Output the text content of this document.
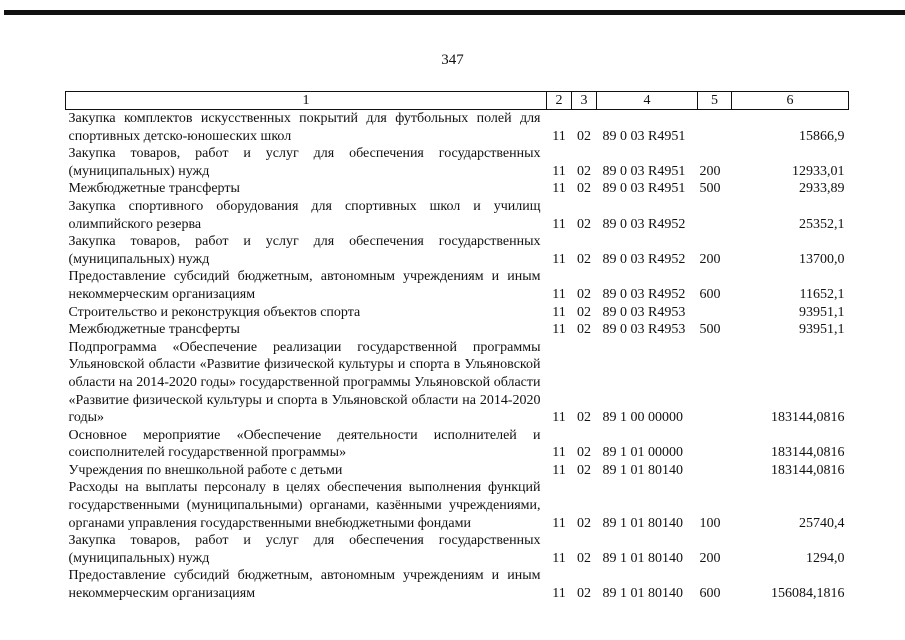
347
1	2	3	4	5	6
Закупка комплектов искусственных покрытий для футбольных полей для спортивных детско-юношеских школ	11	02	89 0 03 R4951		15866,9
Закупка товаров, работ и услуг для обеспечения государственных (муниципальных) нужд	11	02	89 0 03 R4951	200	12933,01
Межбюджетные трансферты	11	02	89 0 03 R4951	500	2933,89
Закупка спортивного оборудования для спортивных школ и училищ олимпийского резерва	11	02	89 0 03 R4952		25352,1
Закупка товаров, работ и услуг для обеспечения государственных (муниципальных) нужд	11	02	89 0 03 R4952	200	13700,0
Предоставление субсидий бюджетным, автономным учреждениям и иным некоммерческим организациям	11	02	89 0 03 R4952	600	11652,1
Строительство и реконструкция объектов спорта	11	02	89 0 03 R4953		93951,1
Межбюджетные трансферты	11	02	89 0 03 R4953	500	93951,1
Подпрограмма «Обеспечение реализации государственной программы Ульяновской области «Развитие физической культуры и спорта в Ульяновской области на 2014-2020 годы» государственной программы Ульяновской области «Развитие физической культуры и спорта в Ульяновской области на 2014-2020 годы»	11	02	89 1 00 00000		183144,0816
Основное мероприятие «Обеспечение деятельности исполнителей и соисполнителей государственной программы»	11	02	89 1 01 00000		183144,0816
Учреждения по внешкольной работе с детьми	11	02	89 1 01 80140		183144,0816
Расходы на выплаты персоналу в целях обеспечения выполнения функций государственными (муниципальными) органами, казёнными учреждениями, органами управления государственными внебюджетными фондами	11	02	89 1 01 80140	100	25740,4
Закупка товаров, работ и услуг для обеспечения государственных (муниципальных) нужд	11	02	89 1 01 80140	200	1294,0
Предоставление субсидий бюджетным, автономным учреждениям и иным некоммерческим организациям	11	02	89 1 01 80140	600	156084,1816
